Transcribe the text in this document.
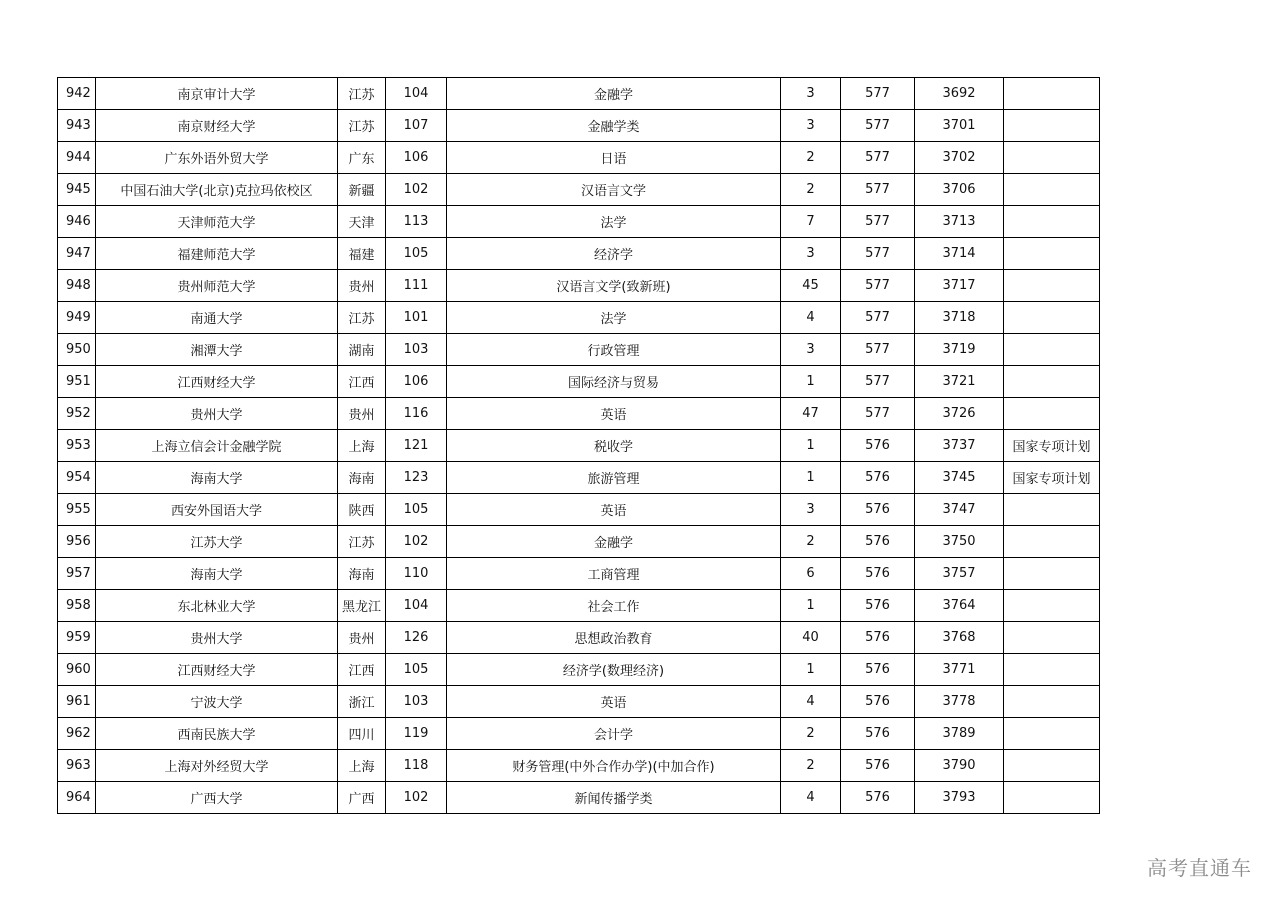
942	南京审计大学	江苏	104	金融学	3	577	3692	
943	南京财经大学	江苏	107	金融学类	3	577	3701	
944	广东外语外贸大学	广东	106	日语	2	577	3702	
945	中国石油大学(北京)克拉玛依校区	新疆	102	汉语言文学	2	577	3706	
946	天津师范大学	天津	113	法学	7	577	3713	
947	福建师范大学	福建	105	经济学	3	577	3714	
948	贵州师范大学	贵州	111	汉语言文学(致新班)	45	577	3717	
949	南通大学	江苏	101	法学	4	577	3718	
950	湘潭大学	湖南	103	行政管理	3	577	3719	
951	江西财经大学	江西	106	国际经济与贸易	1	577	3721	
952	贵州大学	贵州	116	英语	47	577	3726	
953	上海立信会计金融学院	上海	121	税收学	1	576	3737	国家专项计划
954	海南大学	海南	123	旅游管理	1	576	3745	国家专项计划
955	西安外国语大学	陕西	105	英语	3	576	3747	
956	江苏大学	江苏	102	金融学	2	576	3750	
957	海南大学	海南	110	工商管理	6	576	3757	
958	东北林业大学	黑龙江	104	社会工作	1	576	3764	
959	贵州大学	贵州	126	思想政治教育	40	576	3768	
960	江西财经大学	江西	105	经济学(数理经济)	1	576	3771	
961	宁波大学	浙江	103	英语	4	576	3778	
962	西南民族大学	四川	119	会计学	2	576	3789	
963	上海对外经贸大学	上海	118	财务管理(中外合作办学)(中加合作)	2	576	3790	
964	广西大学	广西	102	新闻传播学类	4	576	3793	
高考直通车
